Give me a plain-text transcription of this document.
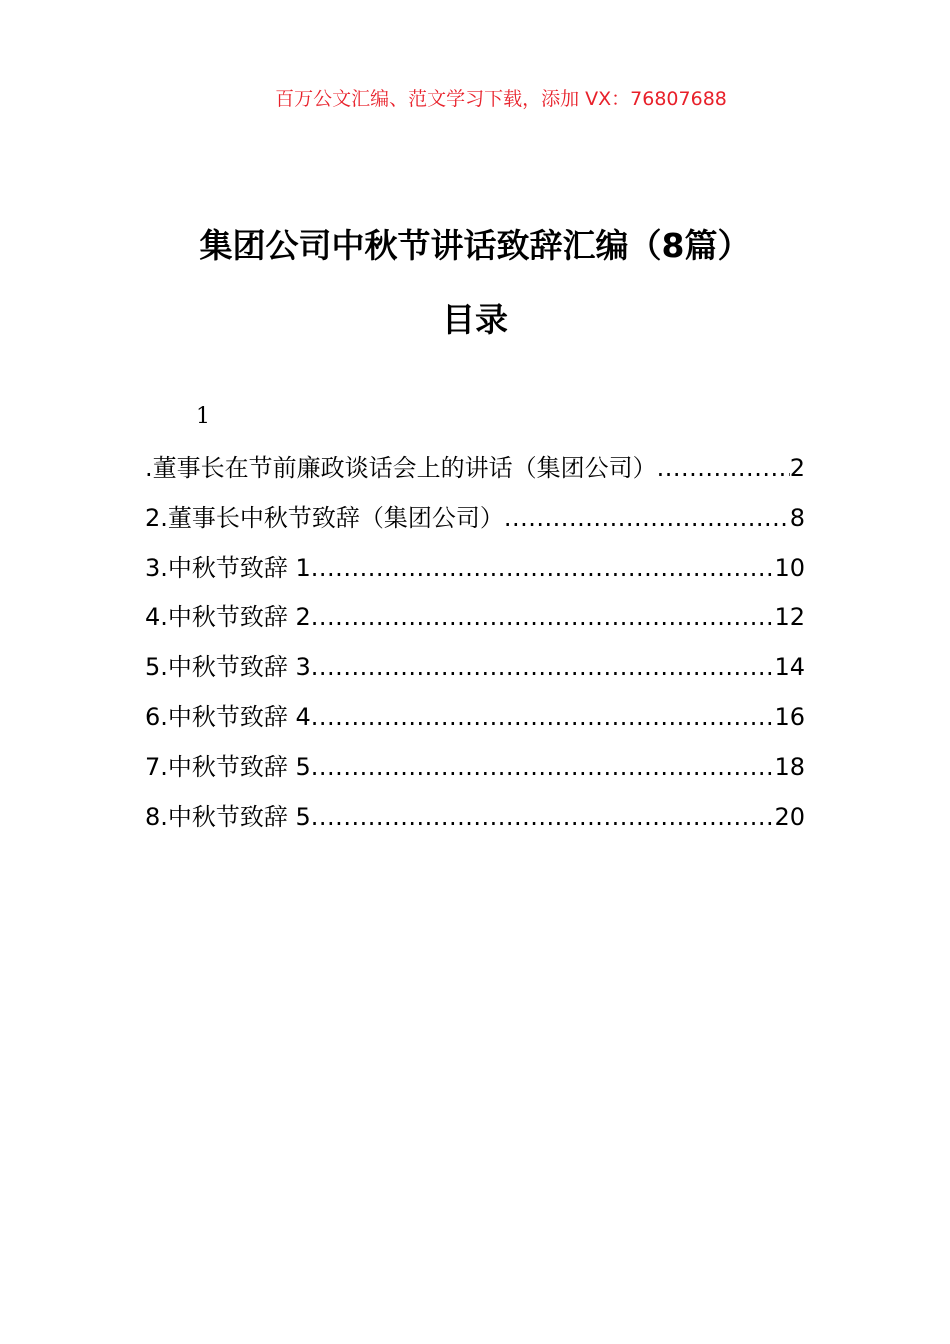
百万公文汇编、范文学习下载，添加 VX：76807688
集团公司中秋节讲话致辞汇编（8篇）
目录
1
.董事长在节前廉政谈话会上的讲话（集团公司） .....	2
2.董事长中秋节致辞（集团公司） .....	8
3.中秋节致辞 1 .....	10
4.中秋节致辞 2 .....	12
5.中秋节致辞 3 .....	14
6.中秋节致辞 4 .....	16
7.中秋节致辞 5 .....	18
8.中秋节致辞 5 .....	20
